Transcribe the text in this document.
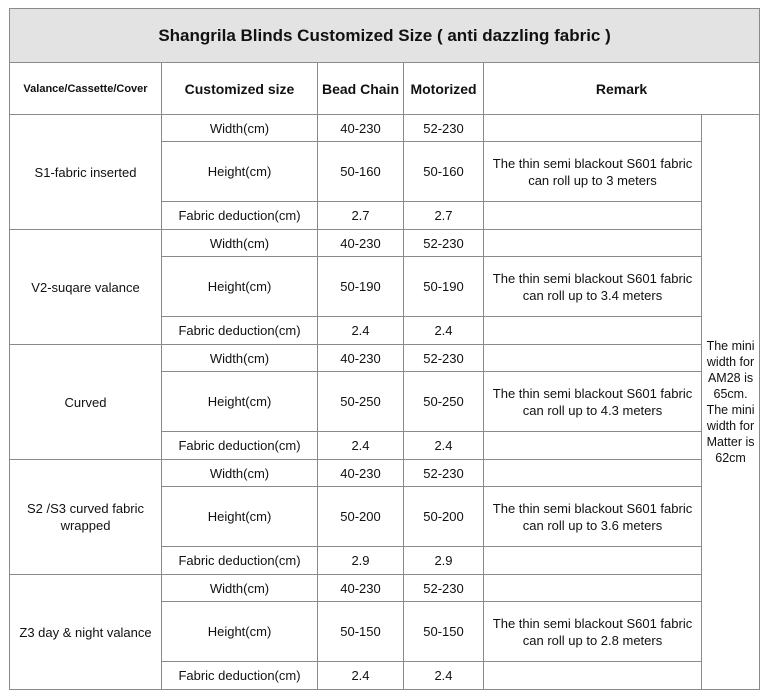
Shangrila Blinds Customized Size ( anti dazzling fabric )					
Valance/Cassette/Cover	Customized size	Bead Chain	Motorized	Remark	
S1-fabric inserted	Width(cm)	40-230	52-230		The mini width for AM28 is 65cm. The mini width for Matter is 62cm
	Height(cm)	50-160	50-160	The thin semi blackout S601 fabric can roll up to 3 meters	
	Fabric deduction(cm)	2.7	2.7		
V2-suqare valance	Width(cm)	40-230	52-230		
	Height(cm)	50-190	50-190	The thin semi blackout S601 fabric can roll up to 3.4 meters	
	Fabric deduction(cm)	2.4	2.4		
Curved	Width(cm)	40-230	52-230		
	Height(cm)	50-250	50-250	The thin semi blackout S601 fabric can roll up to 4.3 meters	
	Fabric deduction(cm)	2.4	2.4		
S2 /S3 curved fabric wrapped	Width(cm)	40-230	52-230		
	Height(cm)	50-200	50-200	The thin semi blackout S601 fabric can roll up to 3.6 meters	
	Fabric deduction(cm)	2.9	2.9		
Z3 day & night valance	Width(cm)	40-230	52-230		
	Height(cm)	50-150	50-150	The thin semi blackout S601 fabric can roll up to 2.8 meters	
	Fabric deduction(cm)	2.4	2.4		
